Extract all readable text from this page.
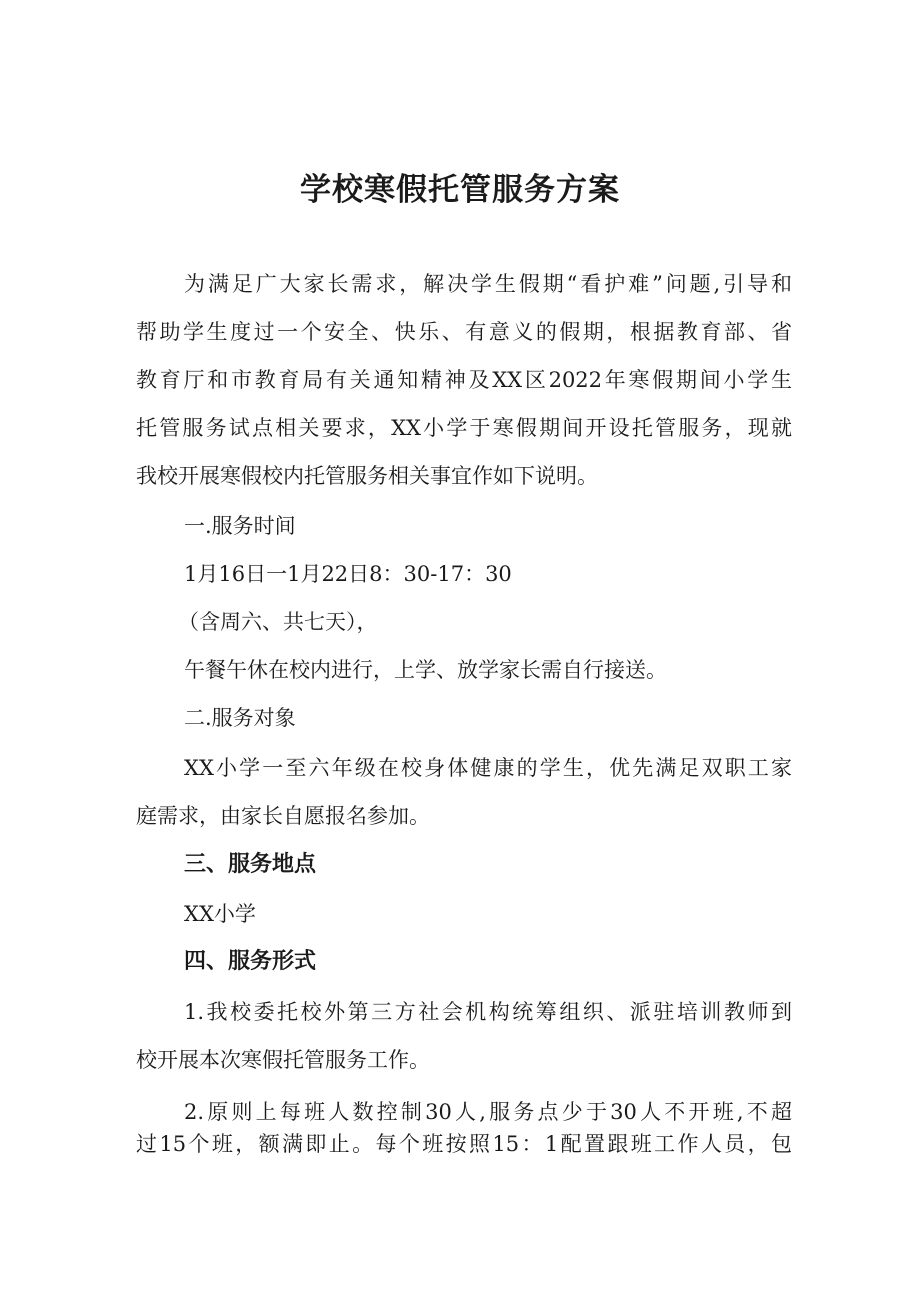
学校寒假托管服务方案

为满足广大家长需求，解决学生假期“看护难”问题,引导和

帮助学生度过一个安全、快乐、有意义的假期，根据教育部、省

教育厅和市教育局有关通知精神及XX区2022年寒假期间小学生

托管服务试点相关要求，XX小学于寒假期间开设托管服务，现就

我校开展寒假校内托管服务相关事宜作如下说明。

一.服务时间

1月16日一1月22日8：30-17：30

（含周六、共七天），

午餐午休在校内进行，上学、放学家长需自行接送。

二.服务对象

XX小学一至六年级在校身体健康的学生，优先满足双职工家

庭需求，由家长自愿报名参加。

三、服务地点

XX小学

四、服务形式

1.我校委托校外第三方社会机构统筹组织、派驻培训教师到

校开展本次寒假托管服务工作。

2.原则上每班人数控制30人,服务点少于30人不开班,不超

过15个班，额满即止。每个班按照15：1配置跟班工作人员，包
